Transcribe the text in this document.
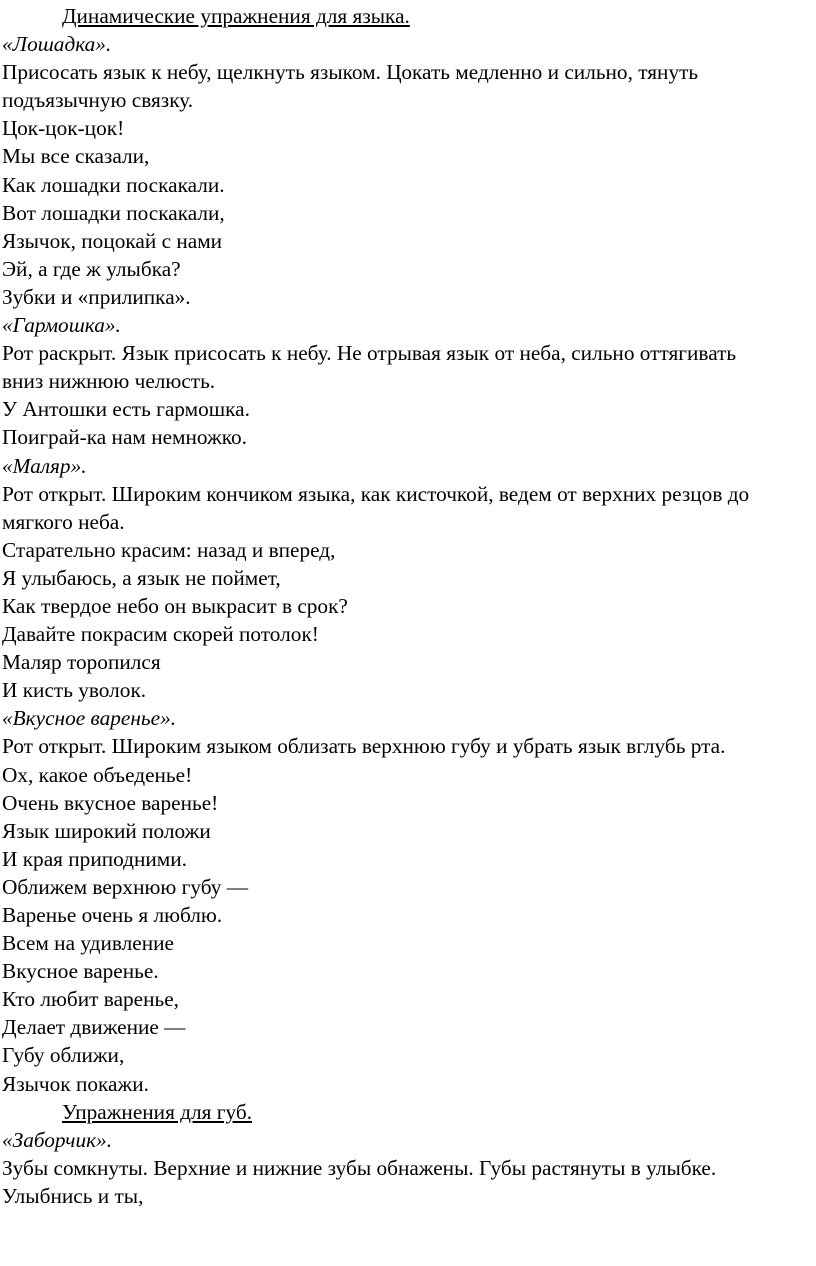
Динамические упражнения для языка.
«Лошадка».
Присосать язык к небу, щелкнуть языком. Цокать медленно и сильно, тянуть подъязычную связку.
Цок-цок-цок!
Мы все сказали,
Как лошадки поскакали.
Вот лошадки поскакали,
Язычок, поцокай с нами
Эй, а где ж улыбка?
Зубки и «прилипка».
«Гармошка».
Рот раскрыт. Язык присосать к небу. Не отрывая язык от неба, сильно оттягивать вниз нижнюю челюсть.
У Антошки есть гармошка.
Поиграй-ка нам немножко.
«Маляр».
Рот открыт. Широким кончиком языка, как кисточкой, ведем от верхних резцов до мягкого неба.
Старательно красим: назад и вперед,
Я улыбаюсь, а язык не поймет,
Как твердое небо он выкрасит в срок?
Давайте покрасим скорей потолок!
Маляр торопился
И кисть уволок.
«Вкусное варенье».
Рот открыт. Широким языком облизать верхнюю губу и убрать язык вглубь рта.
Ох, какое объеденье!
Очень вкусное варенье!
Язык широкий положи
И края приподними.
Оближем верхнюю губу —
Варенье очень я люблю.
Всем на удивление
Вкусное варенье.
Кто любит варенье,
Делает движение —
Губу оближи,
Язычок покажи.
Упражнения для губ.
«Заборчик».
Зубы сомкнуты. Верхние и нижние зубы обнажены. Губы растянуты в улыбке.
Улыбнись и ты,
